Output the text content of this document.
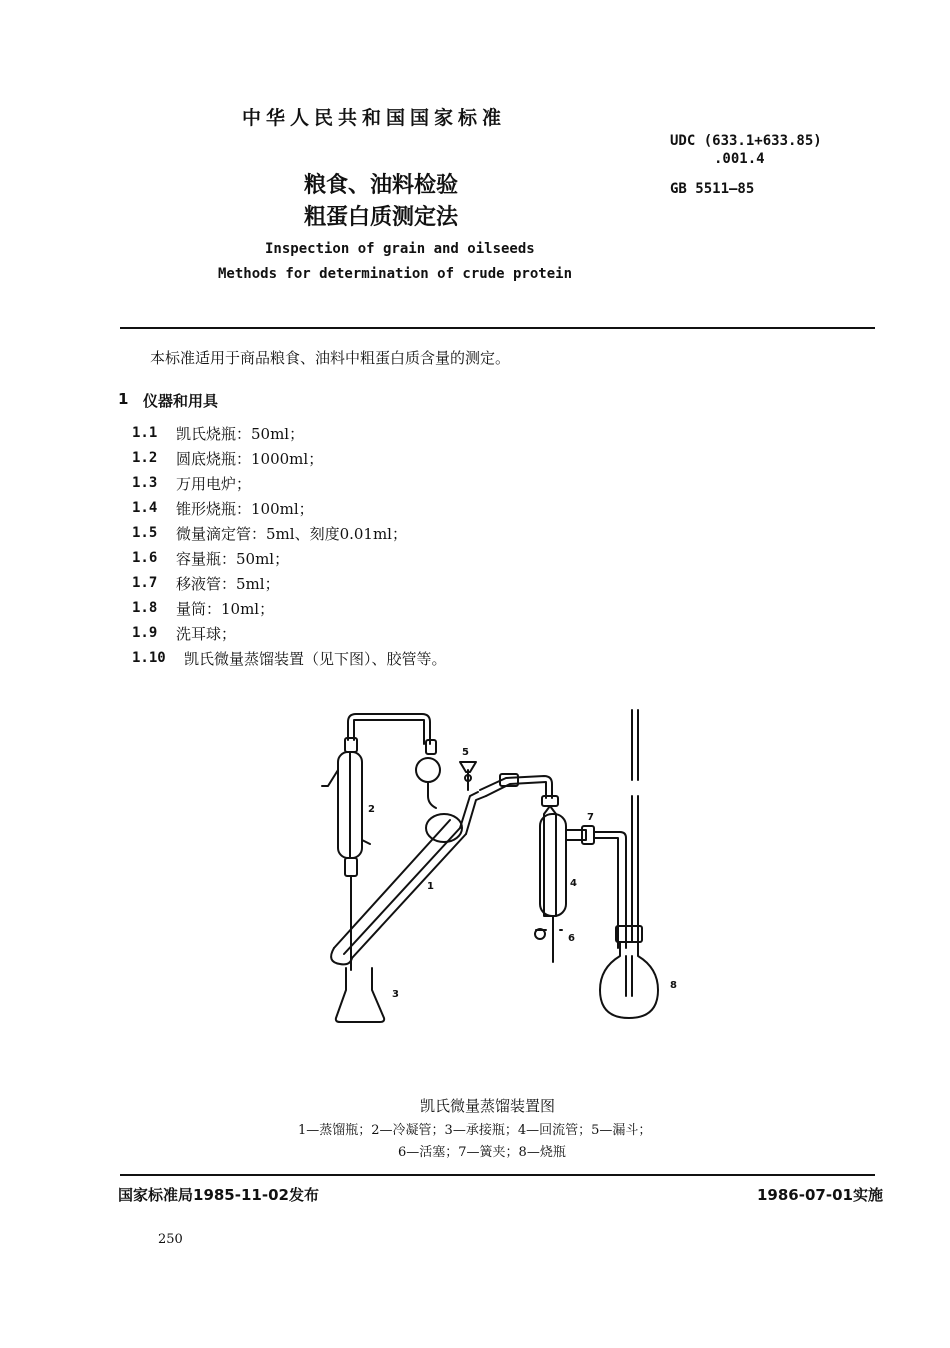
中华人民共和国国家标准
UDC (633.1+633.85)
.001.4
GB 5511—85
粮食、油料检验
粗蛋白质测定法
Inspection of grain and oilseeds
Methods for determination of crude protein
本标准适用于商品粮食、油料中粗蛋白质含量的测定。
1 仪器和用具
1.1 凯氏烧瓶：50ml；
1.2 圆底烧瓶：1000ml；
1.3 万用电炉；
1.4 锥形烧瓶：100ml；
1.5 微量滴定管：5ml、刻度0.01ml；
1.6 容量瓶：50ml；
1.7 移液管：5ml；
1.8 量筒：10ml；
1.9 洗耳球；
1.10 凯氏微量蒸馏装置（见下图）、胶管等。
1
2
3
4
5
7
6
8
凯氏微量蒸馏装置图
1—蒸馏瓶；2—冷凝管；3—承接瓶；4—回流管；5—漏斗；
6—活塞；7—簧夹；8—烧瓶
国家标准局1985-11-02发布	1986-07-01实施
250
